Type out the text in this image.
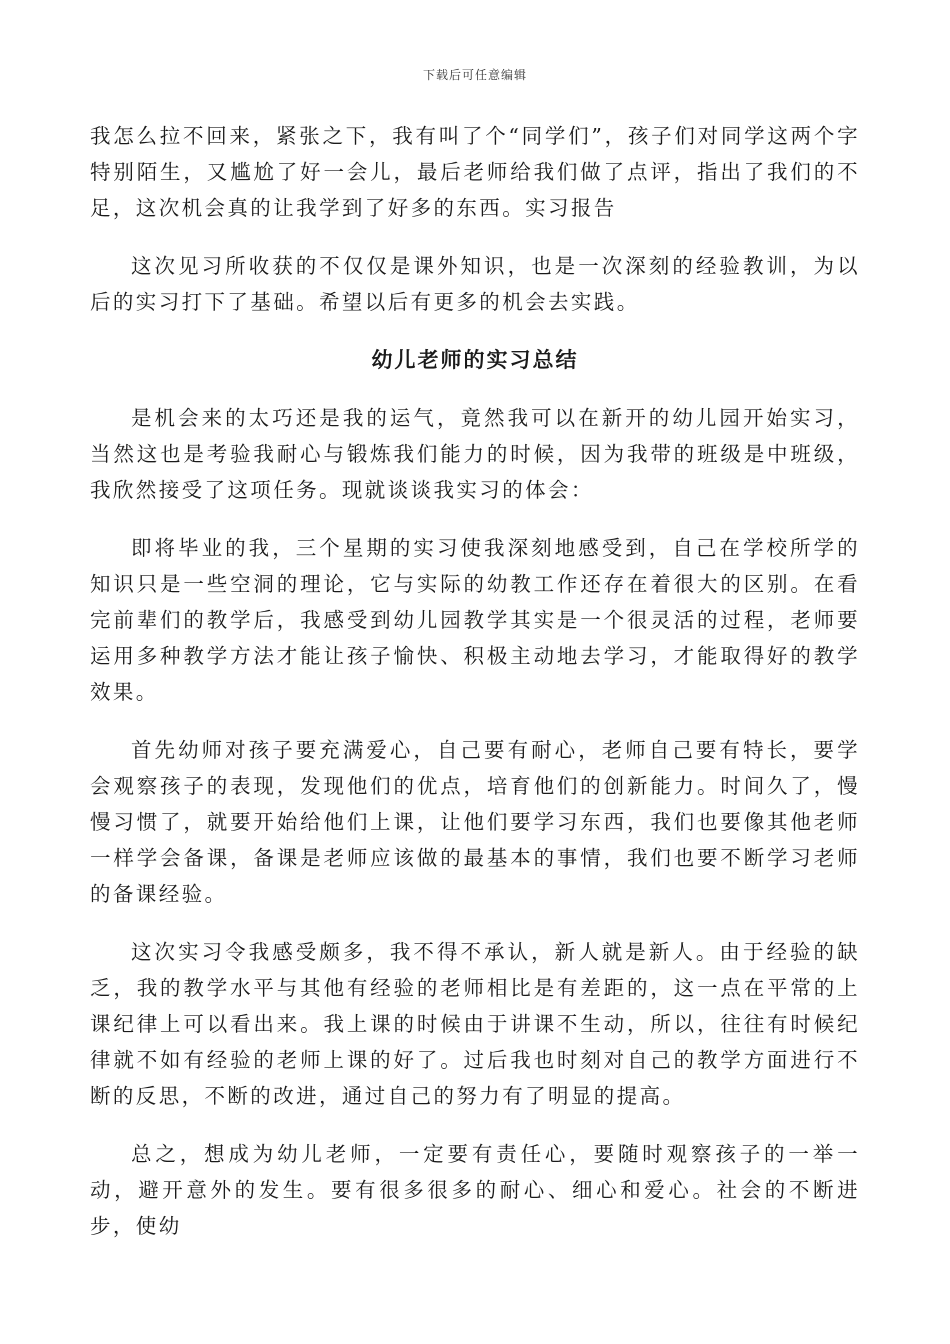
下载后可任意编辑

我怎么拉不回来，紧张之下，我有叫了个“同学们”，孩子们对同学这两个字特别陌生，又尴尬了好一会儿，最后老师给我们做了点评，指出了我们的不足，这次机会真的让我学到了好多的东西。实习报告

这次见习所收获的不仅仅是课外知识，也是一次深刻的经验教训，为以后的实习打下了基础。希望以后有更多的机会去实践。

幼儿老师的实习总结

是机会来的太巧还是我的运气，竟然我可以在新开的幼儿园开始实习，当然这也是考验我耐心与锻炼我们能力的时候，因为我带的班级是中班级，我欣然接受了这项任务。现就谈谈我实习的体会：

即将毕业的我，三个星期的实习使我深刻地感受到，自己在学校所学的知识只是一些空洞的理论，它与实际的幼教工作还存在着很大的区别。在看完前辈们的教学后，我感受到幼儿园教学其实是一个很灵活的过程，老师要运用多种教学方法才能让孩子愉快、积极主动地去学习，才能取得好的教学效果。

首先幼师对孩子要充满爱心，自己要有耐心，老师自己要有特长，要学会观察孩子的表现，发现他们的优点，培育他们的创新能力。时间久了，慢慢习惯了，就要开始给他们上课，让他们要学习东西，我们也要像其他老师一样学会备课，备课是老师应该做的最基本的事情，我们也要不断学习老师的备课经验。

这次实习令我感受颇多，我不得不承认，新人就是新人。由于经验的缺乏，我的教学水平与其他有经验的老师相比是有差距的，这一点在平常的上课纪律上可以看出来。我上课的时候由于讲课不生动，所以，往往有时候纪律就不如有经验的老师上课的好了。过后我也时刻对自己的教学方面进行不断的反思，不断的改进，通过自己的努力有了明显的提高。

总之，想成为幼儿老师，一定要有责任心，要随时观察孩子的一举一动，避开意外的发生。要有很多很多的耐心、细心和爱心。社会的不断进步，使幼
